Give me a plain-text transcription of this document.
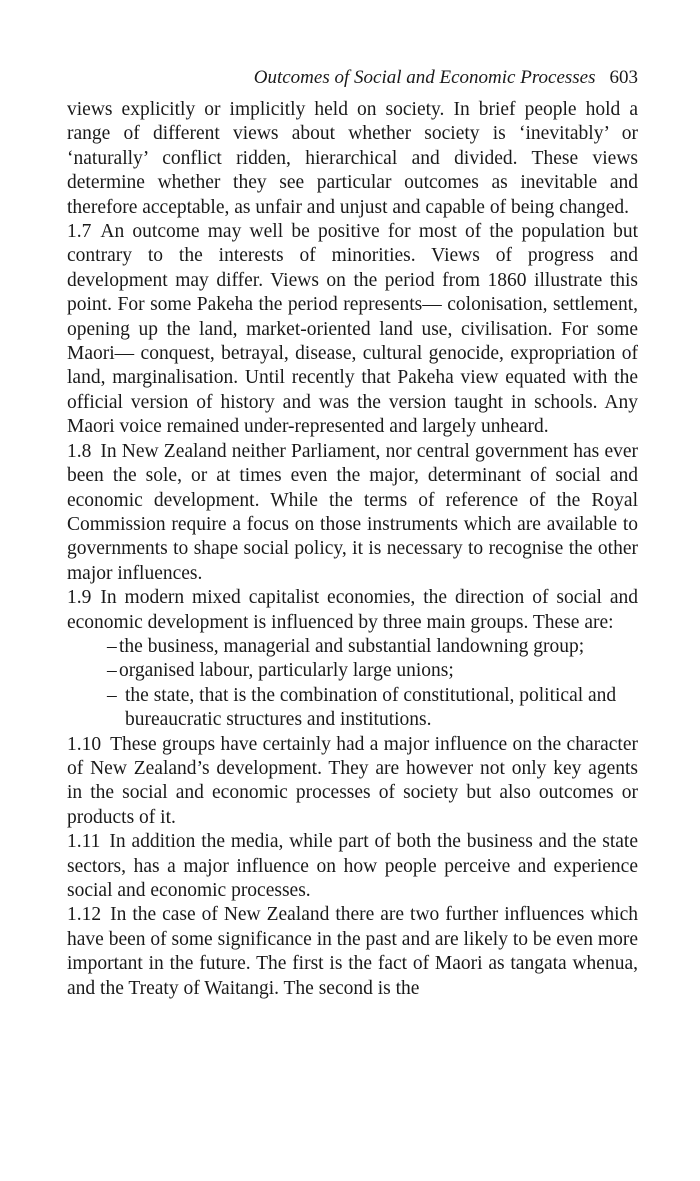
Outcomes of Social and Economic Processes 603

views explicitly or implicitly held on society. In brief people hold a range of different views about whether society is ‘inevitably’ or ‘naturally’ conflict ridden, hierarchical and divided. These views determine whether they see particular outcomes as inevitable and therefore acceptable, as unfair and unjust and capable of being changed.

1.7 An outcome may well be positive for most of the population but contrary to the interests of minorities. Views of progress and development may differ. Views on the period from 1860 illustrate this point. For some Pakeha the period represents— colonisation, settlement, opening up the land, market-oriented land use, civilisation. For some Maori— conquest, betrayal, disease, cultural genocide, expropriation of land, marginalisation. Until recently that Pakeha view equated with the official version of history and was the version taught in schools. Any Maori voice remained under-represented and largely unheard.

1.8 In New Zealand neither Parliament, nor central government has ever been the sole, or at times even the major, determinant of social and economic development. While the terms of reference of the Royal Commission require a focus on those instruments which are available to governments to shape social policy, it is necessary to recognise the other major influences.

1.9 In modern mixed capitalist economies, the direction of social and economic development is influenced by three main groups. These are:

– the business, managerial and substantial landowning group;
– organised labour, particularly large unions;
– the state, that is the combination of constitutional, political and bureaucratic structures and institutions.

1.10 These groups have certainly had a major influence on the character of New Zealand’s development. They are however not only key agents in the social and economic processes of society but also outcomes or products of it.

1.11 In addition the media, while part of both the business and the state sectors, has a major influence on how people perceive and experience social and economic processes.

1.12 In the case of New Zealand there are two further influences which have been of some significance in the past and are likely to be even more important in the future. The first is the fact of Maori as tangata whenua, and the Treaty of Waitangi. The second is the
